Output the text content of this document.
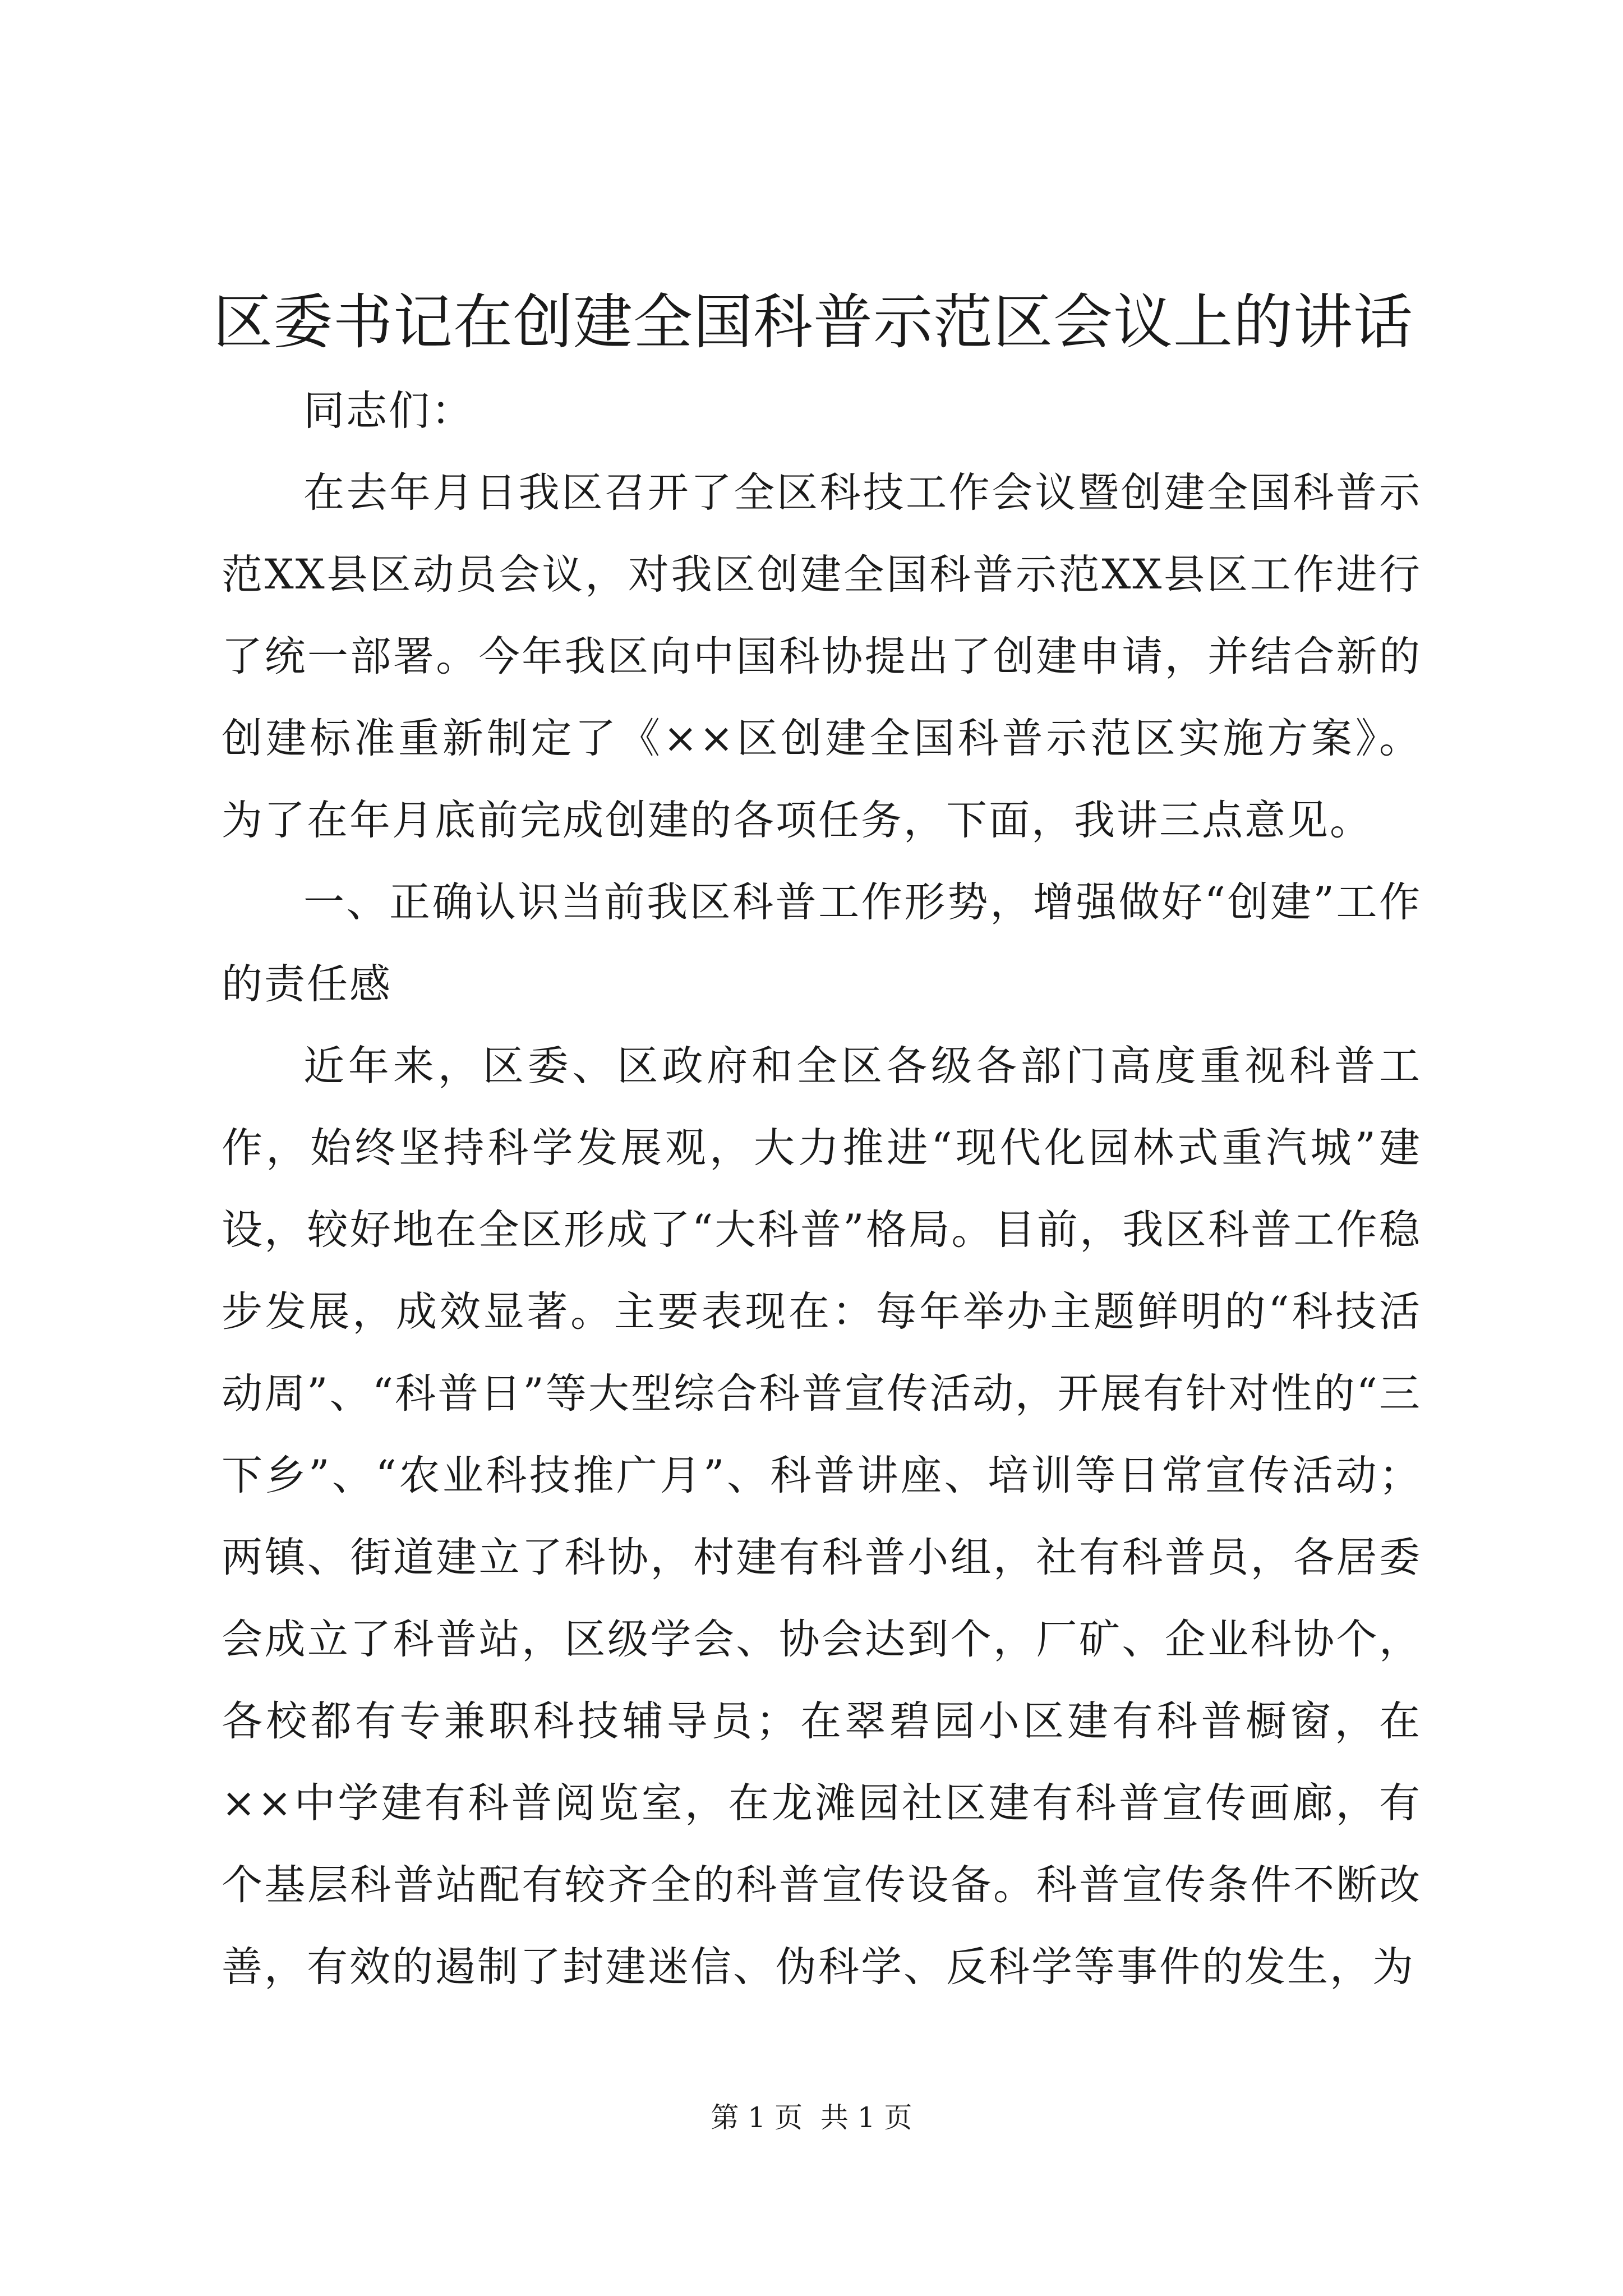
区委书记在创建全国科普示范区会议上的讲话

同志们：

在去年月日我区召开了全区科技工作会议暨创建全国科普示范XX县区动员会议，对我区创建全国科普示范XX县区工作进行了统一部署。今年我区向中国科协提出了创建申请，并结合新的创建标准重新制定了《××区创建全国科普示范区实施方案》。为了在年月底前完成创建的各项任务，下面，我讲三点意见。

一、正确认识当前我区科普工作形势，增强做好“创建”工作的责任感

近年来，区委、区政府和全区各级各部门高度重视科普工作，始终坚持科学发展观，大力推进“现代化园林式重汽城”建设，较好地在全区形成了“大科普”格局。目前，我区科普工作稳步发展，成效显著。主要表现在：每年举办主题鲜明的“科技活动周”、“科普日”等大型综合科普宣传活动，开展有针对性的“三下乡”、“农业科技推广月”、科普讲座、培训等日常宣传活动；两镇、街道建立了科协，村建有科普小组，社有科普员，各居委会成立了科普站，区级学会、协会达到个，厂矿、企业科协个，各校都有专兼职科技辅导员；在翠碧园小区建有科普橱窗，在××中学建有科普阅览室，在龙滩园社区建有科普宣传画廊，有个基层科普站配有较齐全的科普宣传设备。科普宣传条件不断改善，有效的遏制了封建迷信、伪科学、反科学等事件的发生，为

第 1 页  共 1 页
